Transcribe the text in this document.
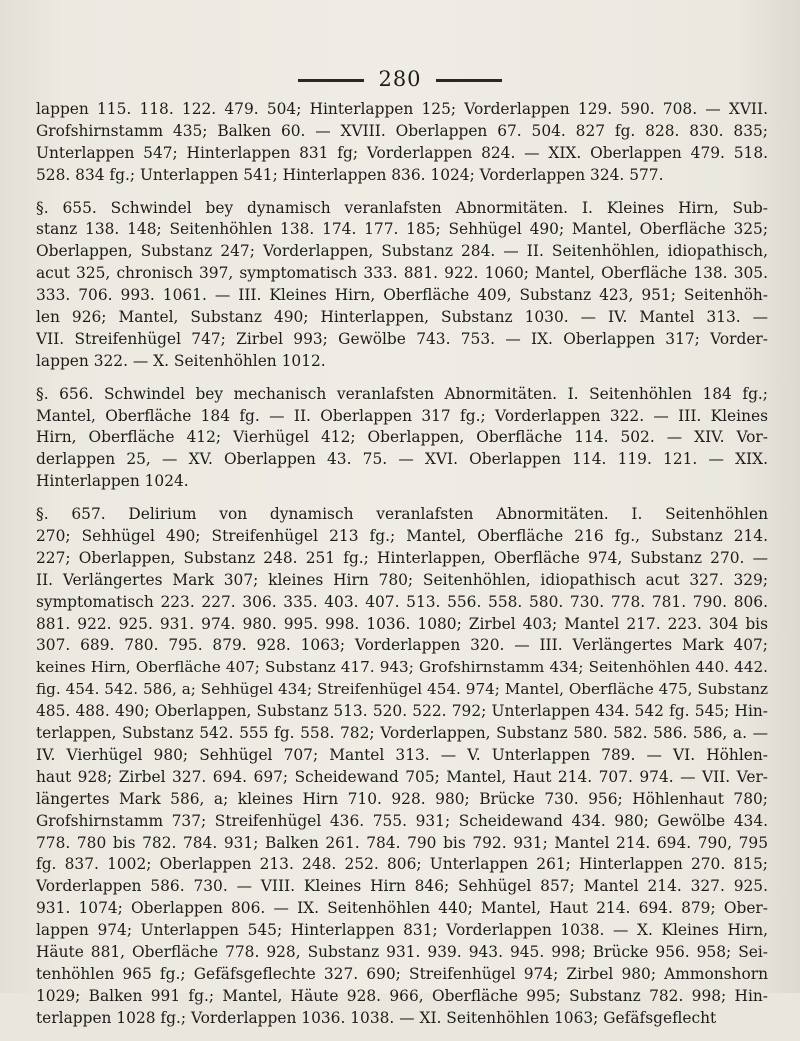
280
lappen 115. 118. 122. 479. 504; Hinterlappen 125; Vorderlappen 129. 590. 708. — XVII.
Grofshirnstamm 435; Balken 60. — XVIII. Oberlappen 67. 504. 827 fg. 828. 830. 835;
Unterlappen 547; Hinterlappen 831 fg; Vorderlappen 824. — XIX. Oberlappen 479. 518.
528. 834 fg.; Unterlappen 541; Hinterlappen 836. 1024; Vorderlappen 324. 577.
§. 655. Schwindel bey dynamisch veranlafsten Abnormitäten. I. Kleines Hirn, Sub-
stanz 138. 148; Seitenhöhlen 138. 174. 177. 185; Sehhügel 490; Mantel, Oberfläche 325;
Oberlappen, Substanz 247; Vorderlappen, Substanz 284. — II. Seitenhöhlen, idiopathisch,
acut 325, chronisch 397, symptomatisch 333. 881. 922. 1060; Mantel, Oberfläche 138. 305.
333. 706. 993. 1061. — III. Kleines Hirn, Oberfläche 409, Substanz 423, 951; Seitenhöh-
len 926; Mantel, Substanz 490; Hinterlappen, Substanz 1030. — IV. Mantel 313. —
VII. Streifenhügel 747; Zirbel 993; Gewölbe 743. 753. — IX. Oberlappen 317; Vorder-
lappen 322. — X. Seitenhöhlen 1012.
§. 656. Schwindel bey mechanisch veranlafsten Abnormitäten. I. Seitenhöhlen 184 fg.;
Mantel, Oberfläche 184 fg. — II. Oberlappen 317 fg.; Vorderlappen 322. — III. Kleines
Hirn, Oberfläche 412; Vierhügel 412; Oberlappen, Oberfläche 114. 502. — XIV. Vor-
derlappen 25, — XV. Oberlappen 43. 75. — XVI. Oberlappen 114. 119. 121. — XIX.
Hinterlappen 1024.
§. 657. Delirium von dynamisch veranlafsten Abnormitäten. I. Seitenhöhlen
270; Sehhügel 490; Streifenhügel 213 fg.; Mantel, Oberfläche 216 fg., Substanz 214.
227; Oberlappen, Substanz 248. 251 fg.; Hinterlappen, Oberfläche 974, Substanz 270. —
II. Verlängertes Mark 307; kleines Hirn 780; Seitenhöhlen, idiopathisch acut 327. 329;
symptomatisch 223. 227. 306. 335. 403. 407. 513. 556. 558. 580. 730. 778. 781. 790. 806.
881. 922. 925. 931. 974. 980. 995. 998. 1036. 1080; Zirbel 403; Mantel 217. 223. 304 bis
307. 689. 780. 795. 879. 928. 1063; Vorderlappen 320. — III. Verlängertes Mark 407;
keines Hirn, Oberfläche 407; Substanz 417. 943; Grofshirnstamm 434; Seitenhöhlen 440. 442.
fig. 454. 542. 586, a; Sehhügel 434; Streifenhügel 454. 974; Mantel, Oberfläche 475, Substanz
485. 488. 490; Oberlappen, Substanz 513. 520. 522. 792; Unterlappen 434. 542 fg. 545; Hin-
terlappen, Substanz 542. 555 fg. 558. 782; Vorderlappen, Substanz 580. 582. 586. 586, a. —
IV. Vierhügel 980; Sehhügel 707; Mantel 313. — V. Unterlappen 789. — VI. Höhlen-
haut 928; Zirbel 327. 694. 697; Scheidewand 705; Mantel, Haut 214. 707. 974. — VII. Ver-
längertes Mark 586, a; kleines Hirn 710. 928. 980; Brücke 730. 956; Höhlenhaut 780;
Grofshirnstamm 737; Streifenhügel 436. 755. 931; Scheidewand 434. 980; Gewölbe 434.
778. 780 bis 782. 784. 931; Balken 261. 784. 790 bis 792. 931; Mantel 214. 694. 790, 795
fg. 837. 1002; Oberlappen 213. 248. 252. 806; Unterlappen 261; Hinterlappen 270. 815;
Vorderlappen 586. 730. — VIII. Kleines Hirn 846; Sehhügel 857; Mantel 214. 327. 925.
931. 1074; Oberlappen 806. — IX. Seitenhöhlen 440; Mantel, Haut 214. 694. 879; Ober-
lappen 974; Unterlappen 545; Hinterlappen 831; Vorderlappen 1038. — X. Kleines Hirn,
Häute 881, Oberfläche 778. 928, Substanz 931. 939. 943. 945. 998; Brücke 956. 958; Sei-
tenhöhlen 965 fg.; Gefäfsgeflechte 327. 690; Streifenhügel 974; Zirbel 980; Ammonshorn
1029; Balken 991 fg.; Mantel, Häute 928. 966, Oberfläche 995; Substanz 782. 998; Hin-
terlappen 1028 fg.; Vorderlappen 1036. 1038. — XI. Seitenhöhlen 1063; Gefäfsgeflecht
